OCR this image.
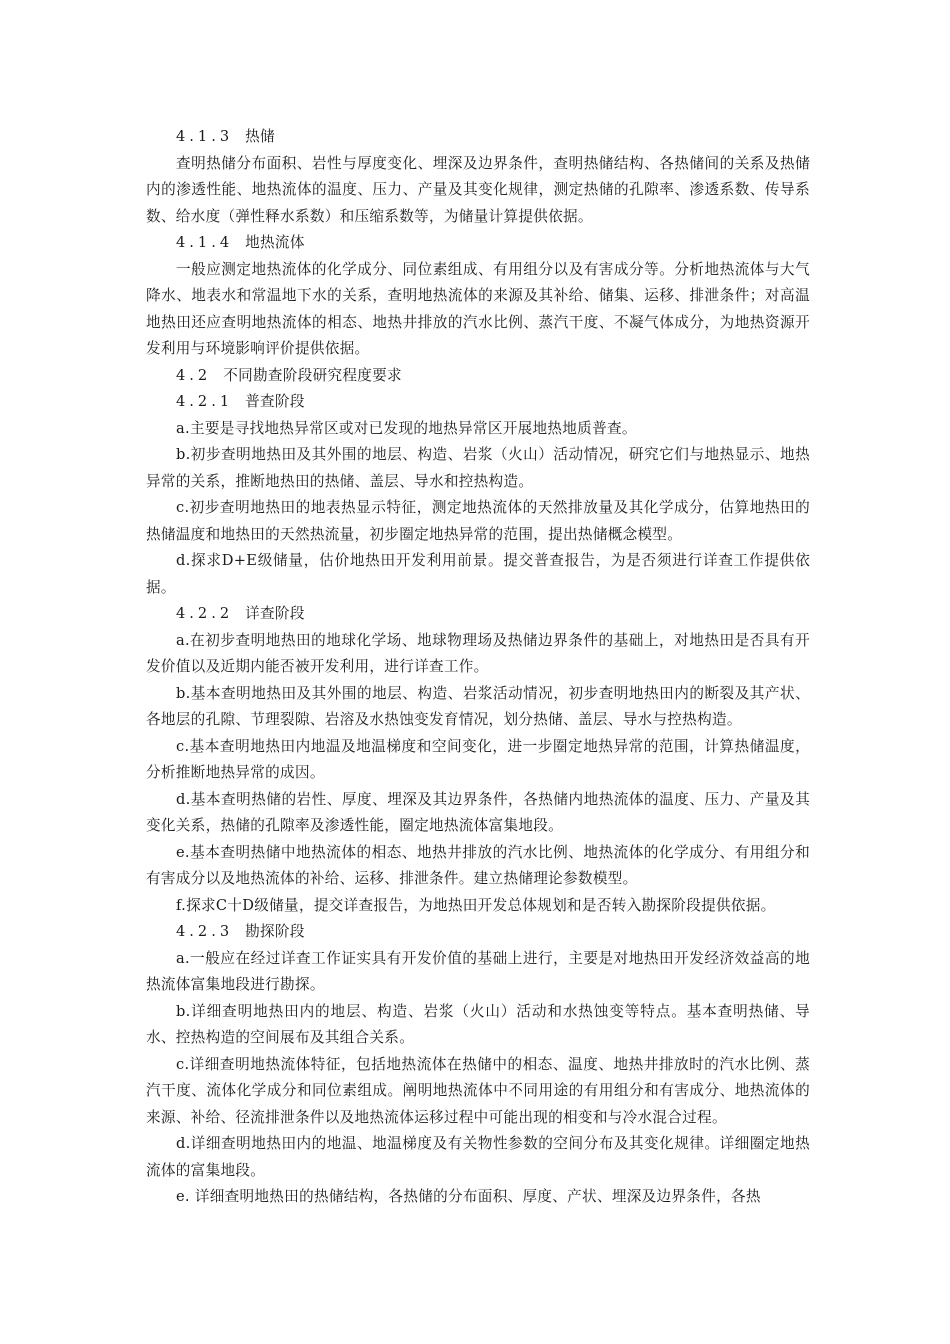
4.1.3 热储

查明热储分布面积、岩性与厚度变化、埋深及边界条件，查明热储结构、各热储间的关系及热储内的渗透性能、地热流体的温度、压力、产量及其变化规律，测定热储的孔隙率、渗透系数、传导系数、给水度（弹性释水系数）和压缩系数等，为储量计算提供依据。

4.1.4 地热流体

一般应测定地热流体的化学成分、同位素组成、有用组分以及有害成分等。分析地热流体与大气降水、地表水和常温地下水的关系，查明地热流体的来源及其补给、储集、运移、排泄条件；对高温地热田还应查明地热流体的相态、地热井排放的汽水比例、蒸汽干度、不凝气体成分，为地热资源开发利用与环境影响评价提供依据。

4.2 不同勘查阶段研究程度要求

4.2.1 普查阶段

a.主要是寻找地热异常区或对已发现的地热异常区开展地热地质普查。

b.初步查明地热田及其外围的地层、构造、岩浆（火山）活动情况，研究它们与地热显示、地热异常的关系，推断地热田的热储、盖层、导水和控热构造。

c.初步查明地热田的地表热显示特征，测定地热流体的天然排放量及其化学成分，估算地热田的热储温度和地热田的天然热流量，初步圈定地热异常的范围，提出热储概念模型。

d.探求D+E级储量，估价地热田开发利用前景。提交普查报告，为是否须进行详查工作提供依据。

4.2.2 详查阶段

a.在初步查明地热田的地球化学场、地球物理场及热储边界条件的基础上，对地热田是否具有开发价值以及近期内能否被开发利用，进行详查工作。

b.基本查明地热田及其外围的地层、构造、岩浆活动情况，初步查明地热田内的断裂及其产状、各地层的孔隙、节理裂隙、岩溶及水热蚀变发育情况，划分热储、盖层、导水与控热构造。

c.基本查明地热田内地温及地温梯度和空间变化，进一步圈定地热异常的范围，计算热储温度，分析推断地热异常的成因。

d.基本查明热储的岩性、厚度、埋深及其边界条件，各热储内地热流体的温度、压力、产量及其变化关系，热储的孔隙率及渗透性能，圈定地热流体富集地段。

e.基本查明热储中地热流体的相态、地热井排放的汽水比例、地热流体的化学成分、有用组分和有害成分以及地热流体的补给、运移、排泄条件。建立热储理论参数模型。

f.探求C十D级储量，提交详查报告，为地热田开发总体规划和是否转入勘探阶段提供依据。

4.2.3 勘探阶段

a.一般应在经过详查工作证实具有开发价值的基础上进行，主要是对地热田开发经济效益高的地热流体富集地段进行勘探。

b.详细查明地热田内的地层、构造、岩浆（火山）活动和水热蚀变等特点。基本查明热储、导水、控热构造的空间展布及其组合关系。

c.详细查明地热流体特征，包括地热流体在热储中的相态、温度、地热井排放时的汽水比例、蒸汽干度、流体化学成分和同位素组成。阐明地热流体中不同用途的有用组分和有害成分、地热流体的来源、补给、径流排泄条件以及地热流体运移过程中可能出现的相变和与冷水混合过程。

d.详细查明地热田内的地温、地温梯度及有关物性参数的空间分布及其变化规律。详细圈定地热流体的富集地段。

e. 详细查明地热田的热储结构，各热储的分布面积、厚度、产状、埋深及边界条件，各热
